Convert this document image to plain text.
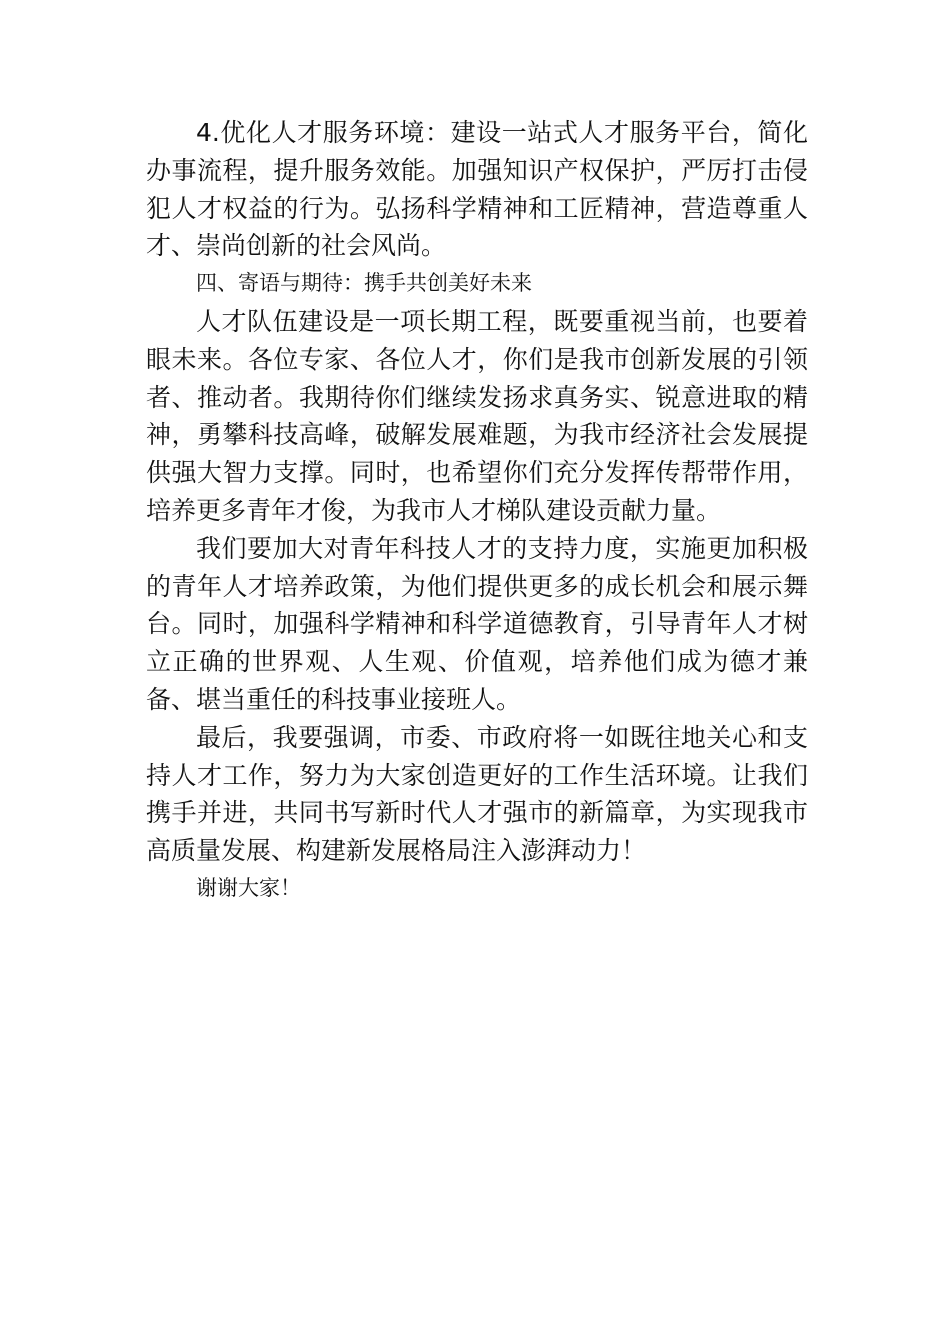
4.优化人才服务环境：建设一站式人才服务平台，简化办事流程，提升服务效能。加强知识产权保护，严厉打击侵犯人才权益的行为。弘扬科学精神和工匠精神，营造尊重人才、崇尚创新的社会风尚。

四、寄语与期待：携手共创美好未来

人才队伍建设是一项长期工程，既要重视当前，也要着眼未来。各位专家、各位人才，你们是我市创新发展的引领者、推动者。我期待你们继续发扬求真务实、锐意进取的精神，勇攀科技高峰，破解发展难题，为我市经济社会发展提供强大智力支撑。同时，也希望你们充分发挥传帮带作用，培养更多青年才俊，为我市人才梯队建设贡献力量。

我们要加大对青年科技人才的支持力度，实施更加积极的青年人才培养政策，为他们提供更多的成长机会和展示舞台。同时，加强科学精神和科学道德教育，引导青年人才树立正确的世界观、人生观、价值观，培养他们成为德才兼备、堪当重任的科技事业接班人。

最后，我要强调，市委、市政府将一如既往地关心和支持人才工作，努力为大家创造更好的工作生活环境。让我们携手并进，共同书写新时代人才强市的新篇章，为实现我市高质量发展、构建新发展格局注入澎湃动力！

谢谢大家！
